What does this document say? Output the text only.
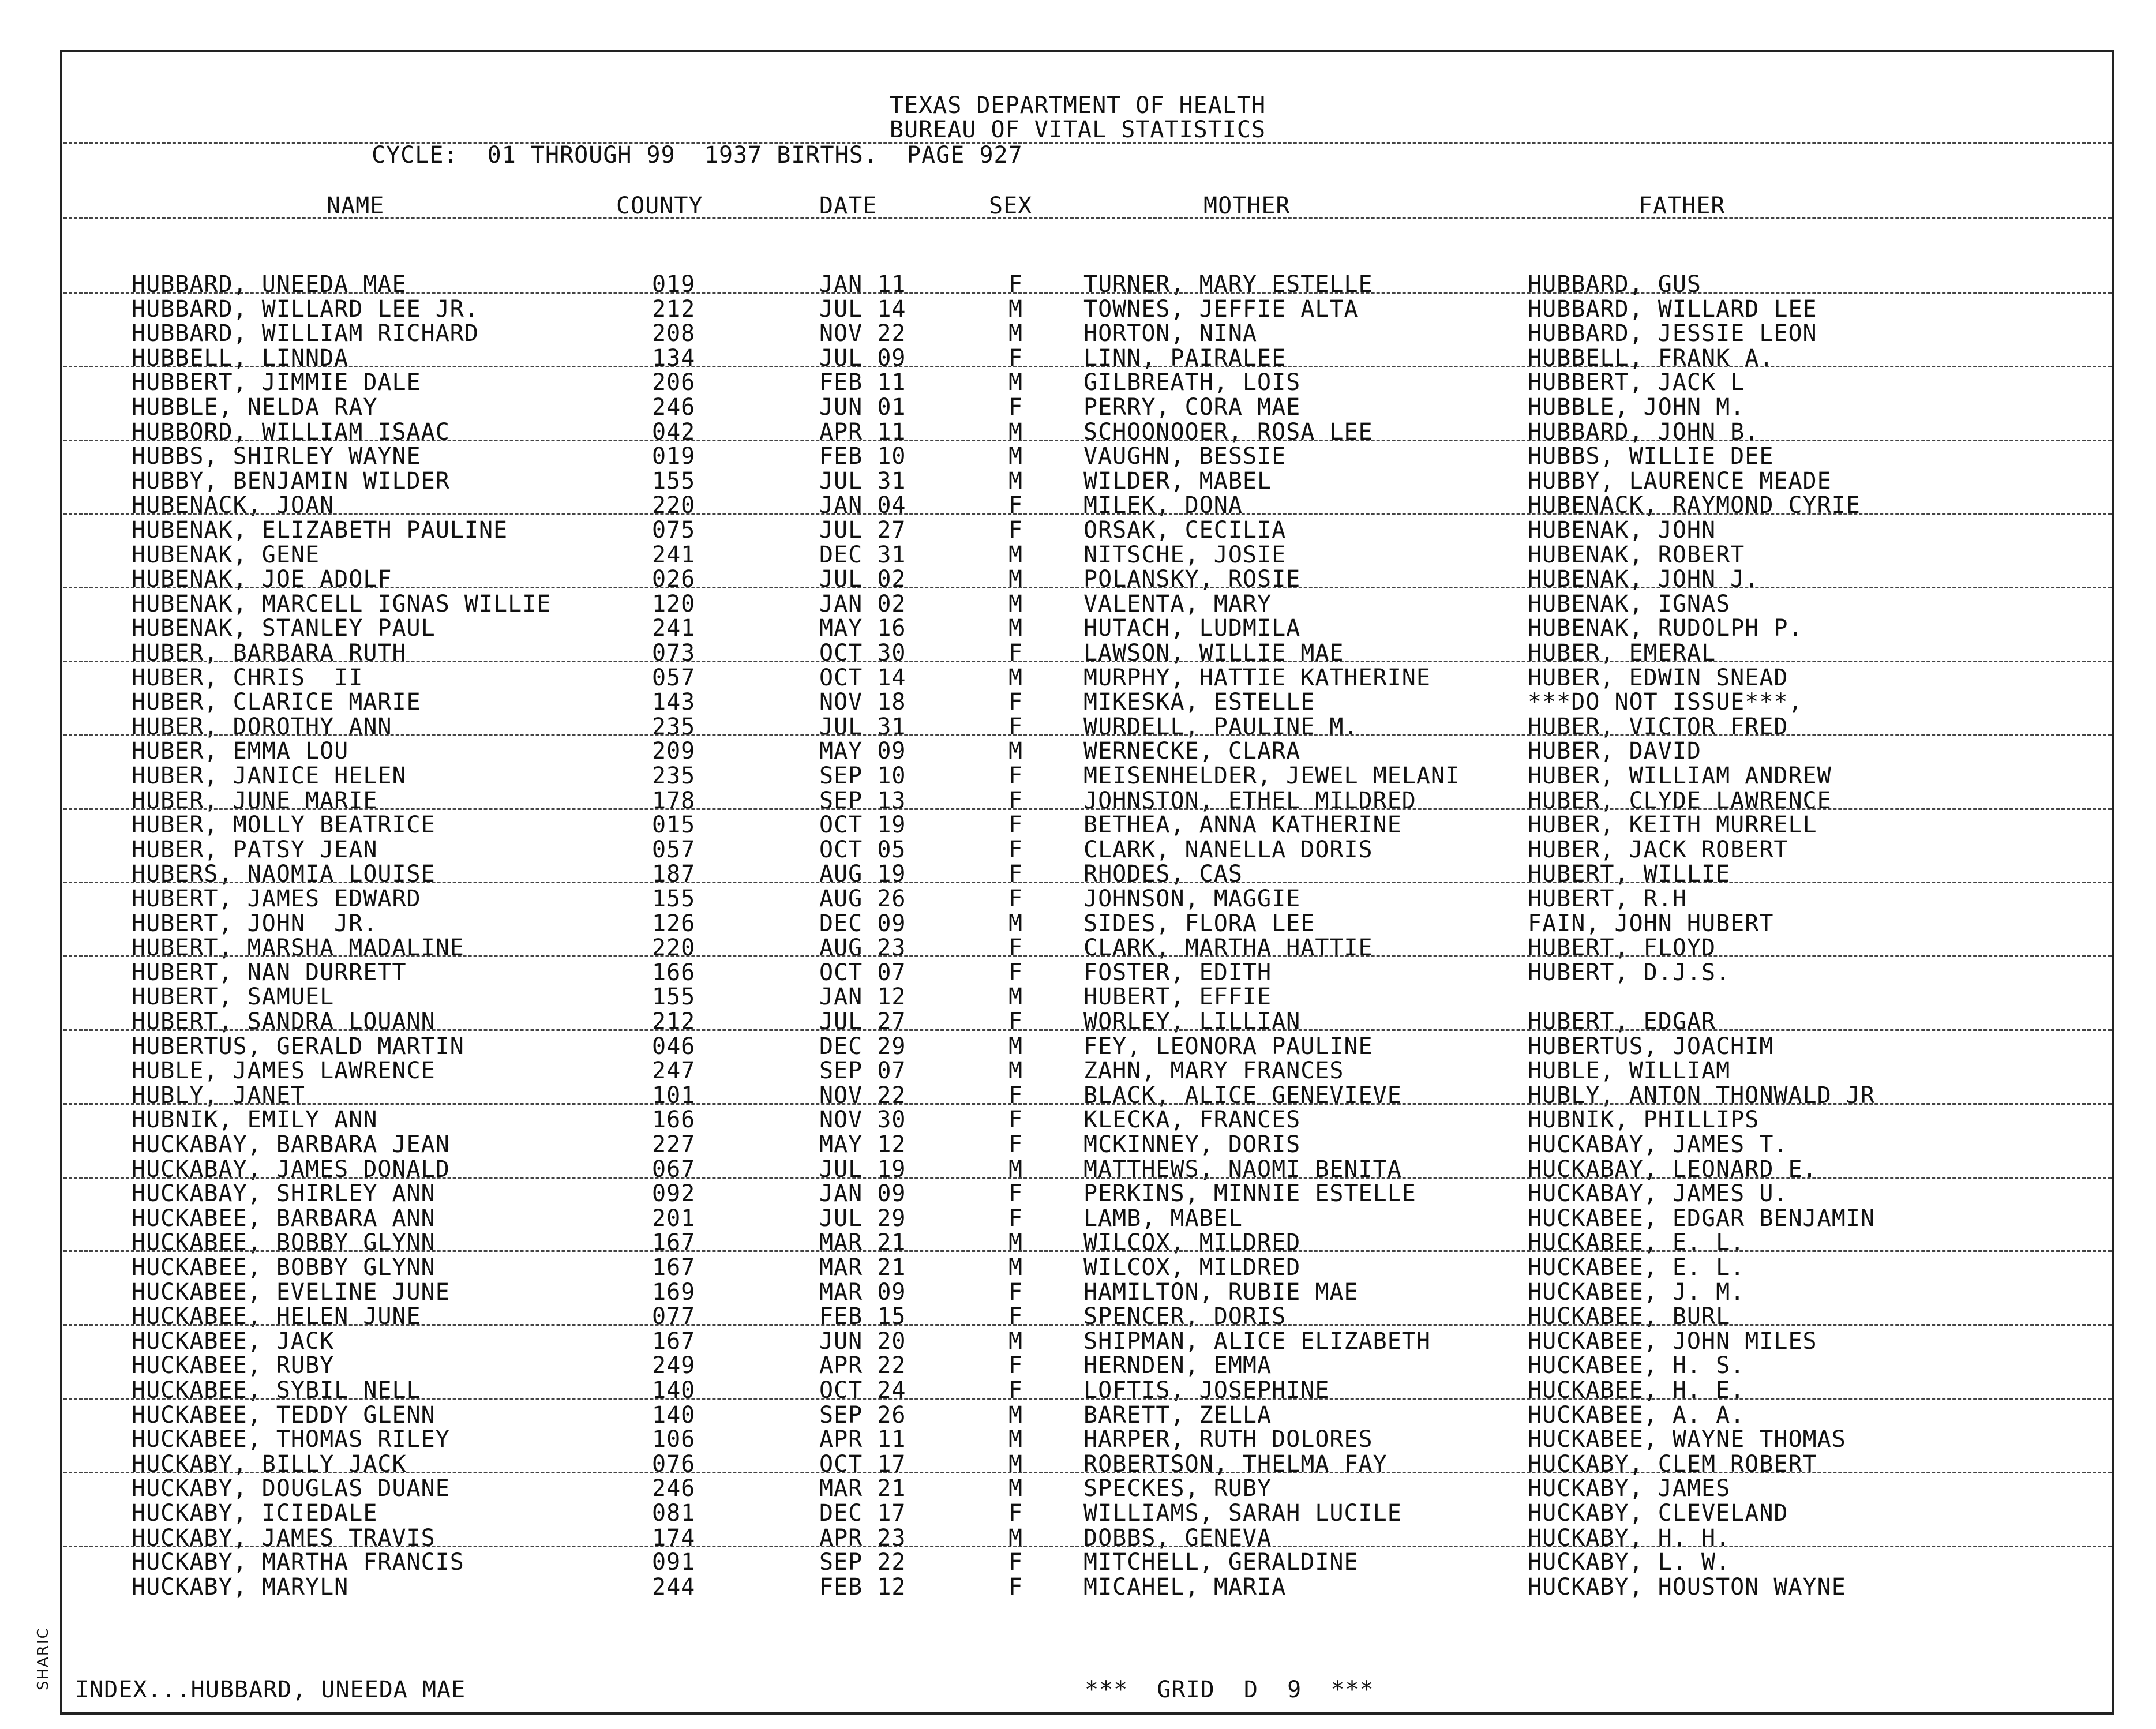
TEXAS DEPARTMENT OF HEALTH
BUREAU OF VITAL STATISTICS
CYCLE:  01 THROUGH 99  1937 BIRTHS.  PAGE 927
NAME	COUNTY	DATE	SEX	MOTHER	FATHER
HUBBARD, UNEEDA MAE	019	JAN 11	F	TURNER, MARY ESTELLE	HUBBARD, GUS
HUBBARD, WILLARD LEE JR.	212	JUL 14	M	TOWNES, JEFFIE ALTA	HUBBARD, WILLARD LEE
HUBBARD, WILLIAM RICHARD	208	NOV 22	M	HORTON, NINA	HUBBARD, JESSIE LEON
HUBBELL, LINNDA	134	JUL 09	F	LINN, PAIRALEE	HUBBELL, FRANK A.
HUBBERT, JIMMIE DALE	206	FEB 11	M	GILBREATH, LOIS	HUBBERT, JACK L
HUBBLE, NELDA RAY	246	JUN 01	F	PERRY, CORA MAE	HUBBLE, JOHN M.
HUBBORD, WILLIAM ISAAC	042	APR 11	M	SCHOONOOER, ROSA LEE	HUBBARD, JOHN B.
HUBBS, SHIRLEY WAYNE	019	FEB 10	M	VAUGHN, BESSIE	HUBBS, WILLIE DEE
HUBBY, BENJAMIN WILDER	155	JUL 31	M	WILDER, MABEL	HUBBY, LAURENCE MEADE
HUBENACK, JOAN	220	JAN 04	F	MILEK, DONA	HUBENACK, RAYMOND CYRIE
HUBENAK, ELIZABETH PAULINE	075	JUL 27	F	ORSAK, CECILIA	HUBENAK, JOHN
HUBENAK, GENE	241	DEC 31	M	NITSCHE, JOSIE	HUBENAK, ROBERT
HUBENAK, JOE ADOLF	026	JUL 02	M	POLANSKY, ROSIE	HUBENAK, JOHN J.
HUBENAK, MARCELL IGNAS WILLIE	120	JAN 02	M	VALENTA, MARY	HUBENAK, IGNAS
HUBENAK, STANLEY PAUL	241	MAY 16	M	HUTACH, LUDMILA	HUBENAK, RUDOLPH P.
HUBER, BARBARA RUTH	073	OCT 30	F	LAWSON, WILLIE MAE	HUBER, EMERAL
HUBER, CHRIS  II	057	OCT 14	M	MURPHY, HATTIE KATHERINE	HUBER, EDWIN SNEAD
HUBER, CLARICE MARIE	143	NOV 18	F	MIKESKA, ESTELLE	***DO NOT ISSUE***,
HUBER, DOROTHY ANN	235	JUL 31	F	WURDELL, PAULINE M.	HUBER, VICTOR FRED
HUBER, EMMA LOU	209	MAY 09	M	WERNECKE, CLARA	HUBER, DAVID
HUBER, JANICE HELEN	235	SEP 10	F	MEISENHELDER, JEWEL MELANI	HUBER, WILLIAM ANDREW
HUBER, JUNE MARIE	178	SEP 13	F	JOHNSTON, ETHEL MILDRED	HUBER, CLYDE LAWRENCE
HUBER, MOLLY BEATRICE	015	OCT 19	F	BETHEA, ANNA KATHERINE	HUBER, KEITH MURRELL
HUBER, PATSY JEAN	057	OCT 05	F	CLARK, NANELLA DORIS	HUBER, JACK ROBERT
HUBERS, NAOMIA LOUISE	187	AUG 19	F	RHODES, CAS	HUBERT, WILLIE
HUBERT, JAMES EDWARD	155	AUG 26	F	JOHNSON, MAGGIE	HUBERT, R.H
HUBERT, JOHN  JR.	126	DEC 09	M	SIDES, FLORA LEE	FAIN, JOHN HUBERT
HUBERT, MARSHA MADALINE	220	AUG 23	F	CLARK, MARTHA HATTIE	HUBERT, FLOYD
HUBERT, NAN DURRETT	166	OCT 07	F	FOSTER, EDITH	HUBERT, D.J.S.
HUBERT, SAMUEL	155	JAN 12	M	HUBERT, EFFIE
HUBERT, SANDRA LOUANN	212	JUL 27	F	WORLEY, LILLIAN	HUBERT, EDGAR
HUBERTUS, GERALD MARTIN	046	DEC 29	M	FEY, LEONORA PAULINE	HUBERTUS, JOACHIM
HUBLE, JAMES LAWRENCE	247	SEP 07	M	ZAHN, MARY FRANCES	HUBLE, WILLIAM
HUBLY, JANET	101	NOV 22	F	BLACK, ALICE GENEVIEVE	HUBLY, ANTON THONWALD JR
HUBNIK, EMILY ANN	166	NOV 30	F	KLECKA, FRANCES	HUBNIK, PHILLIPS
HUCKABAY, BARBARA JEAN	227	MAY 12	F	MCKINNEY, DORIS	HUCKABAY, JAMES T.
HUCKABAY, JAMES DONALD	067	JUL 19	M	MATTHEWS, NAOMI BENITA	HUCKABAY, LEONARD E.
HUCKABAY, SHIRLEY ANN	092	JAN 09	F	PERKINS, MINNIE ESTELLE	HUCKABAY, JAMES U.
HUCKABEE, BARBARA ANN	201	JUL 29	F	LAMB, MABEL	HUCKABEE, EDGAR BENJAMIN
HUCKABEE, BOBBY GLYNN	167	MAR 21	M	WILCOX, MILDRED	HUCKABEE, E. L.
HUCKABEE, BOBBY GLYNN	167	MAR 21	M	WILCOX, MILDRED	HUCKABEE, E. L.
HUCKABEE, EVELINE JUNE	169	MAR 09	F	HAMILTON, RUBIE MAE	HUCKABEE, J. M.
HUCKABEE, HELEN JUNE	077	FEB 15	F	SPENCER, DORIS	HUCKABEE, BURL
HUCKABEE, JACK	167	JUN 20	M	SHIPMAN, ALICE ELIZABETH	HUCKABEE, JOHN MILES
HUCKABEE, RUBY	249	APR 22	F	HERNDEN, EMMA	HUCKABEE, H. S.
HUCKABEE, SYBIL NELL	140	OCT 24	F	LOFTIS, JOSEPHINE	HUCKABEE, H. E.
HUCKABEE, TEDDY GLENN	140	SEP 26	M	BARETT, ZELLA	HUCKABEE, A. A.
HUCKABEE, THOMAS RILEY	106	APR 11	M	HARPER, RUTH DOLORES	HUCKABEE, WAYNE THOMAS
HUCKABY, BILLY JACK	076	OCT 17	M	ROBERTSON, THELMA FAY	HUCKABY, CLEM ROBERT
HUCKABY, DOUGLAS DUANE	246	MAR 21	M	SPECKES, RUBY	HUCKABY, JAMES
HUCKABY, ICIEDALE	081	DEC 17	F	WILLIAMS, SARAH LUCILE	HUCKABY, CLEVELAND
HUCKABY, JAMES TRAVIS	174	APR 23	M	DOBBS, GENEVA	HUCKABY, H. H.
HUCKABY, MARTHA FRANCIS	091	SEP 22	F	MITCHELL, GERALDINE	HUCKABY, L. W.
HUCKABY, MARYLN	244	FEB 12	F	MICAHEL, MARIA	HUCKABY, HOUSTON WAYNE
INDEX...HUBBARD, UNEEDA MAE	***  GRID  D  9  ***
SHARIC
